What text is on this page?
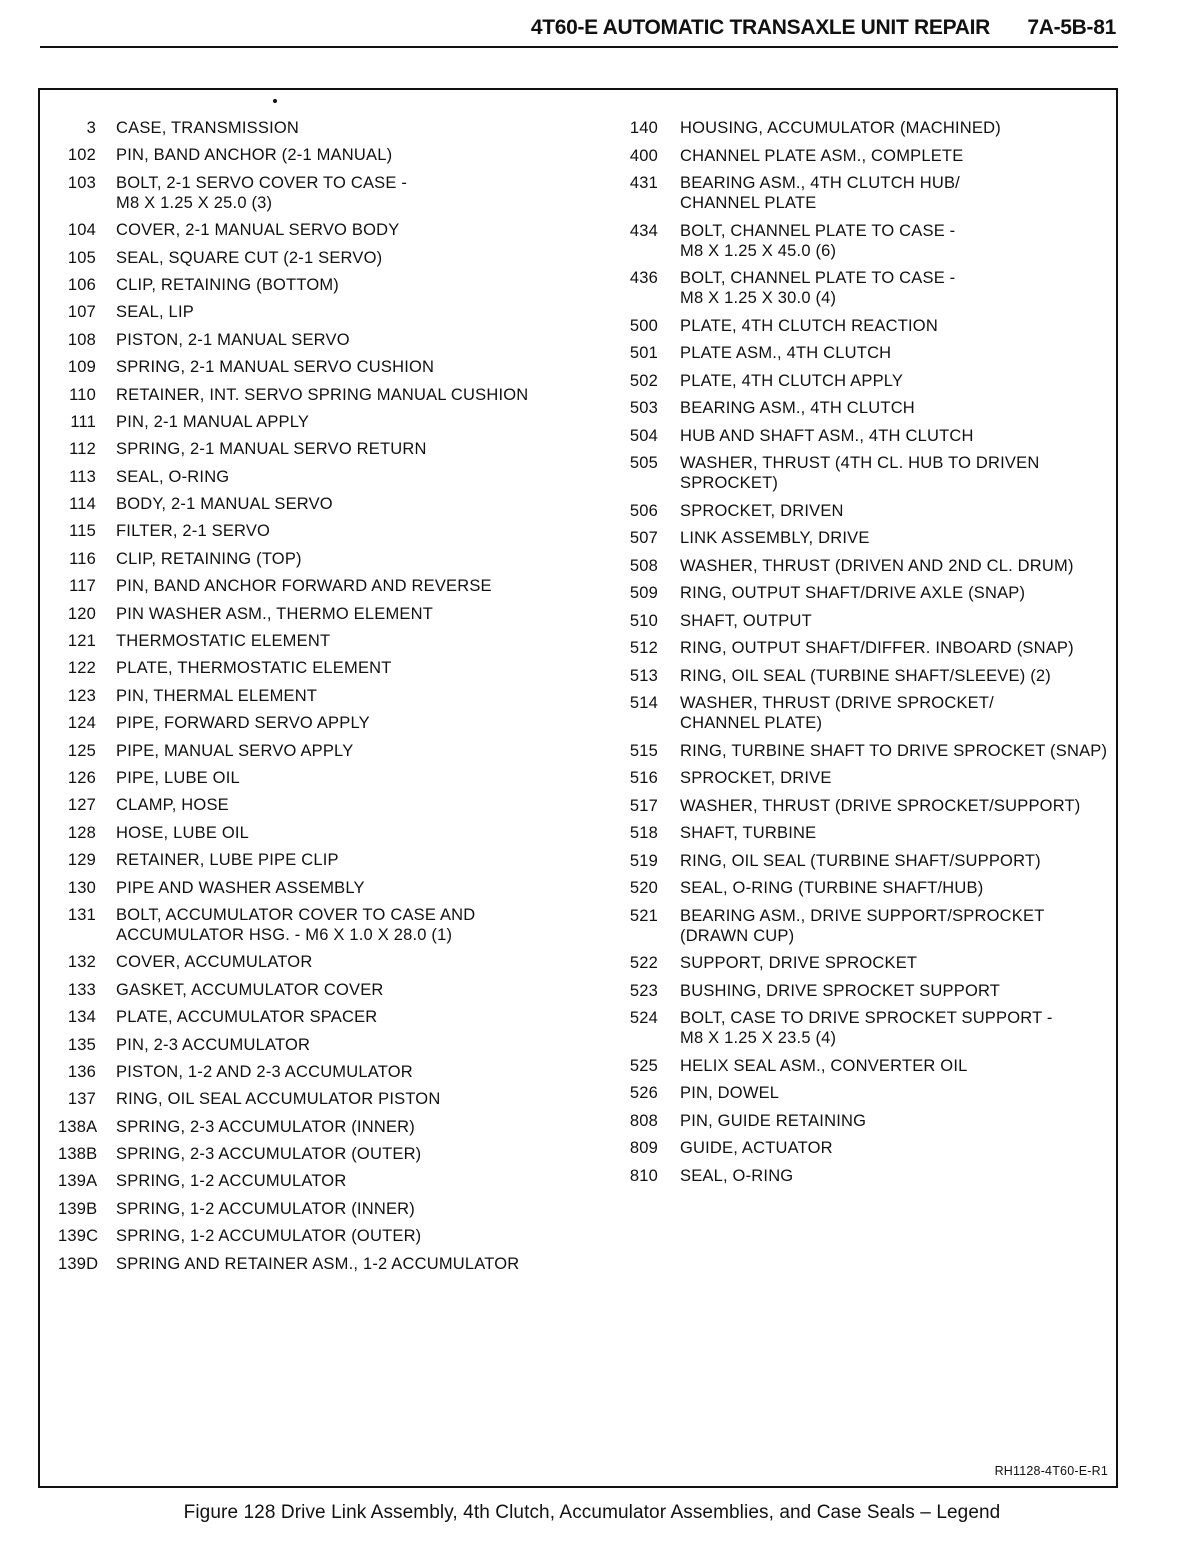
4T60-E AUTOMATIC TRANSAXLE UNIT REPAIR 7A-5B-81
3 CASE, TRANSMISSION
102 PIN, BAND ANCHOR (2-1 MANUAL)
103 BOLT, 2-1 SERVO COVER TO CASE -
M8 X 1.25 X 25.0 (3)
104 COVER, 2-1 MANUAL SERVO BODY
105 SEAL, SQUARE CUT (2-1 SERVO)
106 CLIP, RETAINING (BOTTOM)
107 SEAL, LIP
108 PISTON, 2-1 MANUAL SERVO
109 SPRING, 2-1 MANUAL SERVO CUSHION
110 RETAINER, INT. SERVO SPRING MANUAL CUSHION
111 PIN, 2-1 MANUAL APPLY
112 SPRING, 2-1 MANUAL SERVO RETURN
113 SEAL, O-RING
114 BODY, 2-1 MANUAL SERVO
115 FILTER, 2-1 SERVO
116 CLIP, RETAINING (TOP)
117 PIN, BAND ANCHOR FORWARD AND REVERSE
120 PIN WASHER ASM., THERMO ELEMENT
121 THERMOSTATIC ELEMENT
122 PLATE, THERMOSTATIC ELEMENT
123 PIN, THERMAL ELEMENT
124 PIPE, FORWARD SERVO APPLY
125 PIPE, MANUAL SERVO APPLY
126 PIPE, LUBE OIL
127 CLAMP, HOSE
128 HOSE, LUBE OIL
129 RETAINER, LUBE PIPE CLIP
130 PIPE AND WASHER ASSEMBLY
131 BOLT, ACCUMULATOR COVER TO CASE AND
ACCUMULATOR HSG. - M6 X 1.0 X 28.0 (1)
132 COVER, ACCUMULATOR
133 GASKET, ACCUMULATOR COVER
134 PLATE, ACCUMULATOR SPACER
135 PIN, 2-3 ACCUMULATOR
136 PISTON, 1-2 AND 2-3 ACCUMULATOR
137 RING, OIL SEAL ACCUMULATOR PISTON
138A SPRING, 2-3 ACCUMULATOR (INNER)
138B SPRING, 2-3 ACCUMULATOR (OUTER)
139A SPRING, 1-2 ACCUMULATOR
139B SPRING, 1-2 ACCUMULATOR (INNER)
139C SPRING, 1-2 ACCUMULATOR (OUTER)
139D SPRING AND RETAINER ASM., 1-2 ACCUMULATOR
140	HOUSING, ACCUMULATOR (MACHINED)
400	CHANNEL PLATE ASM., COMPLETE
431	BEARING ASM., 4TH CLUTCH HUB/
CHANNEL PLATE
434	BOLT, CHANNEL PLATE TO CASE -
M8 X 1.25 X 45.0 (6)
436	BOLT, CHANNEL PLATE TO CASE -
M8 X 1.25 X 30.0 (4)
500	PLATE, 4TH CLUTCH REACTION
501	PLATE ASM., 4TH CLUTCH
502	PLATE, 4TH CLUTCH APPLY
503	BEARING ASM., 4TH CLUTCH
504	HUB AND SHAFT ASM., 4TH CLUTCH
505	WASHER, THRUST (4TH CL. HUB TO DRIVEN
SPROCKET)
506	SPROCKET, DRIVEN
507	LINK ASSEMBLY, DRIVE
508	WASHER, THRUST (DRIVEN AND 2ND CL. DRUM)
509	RING, OUTPUT SHAFT/DRIVE AXLE (SNAP)
510	SHAFT, OUTPUT
512	RING, OUTPUT SHAFT/DIFFER. INBOARD (SNAP)
513	RING, OIL SEAL (TURBINE SHAFT/SLEEVE) (2)
514	WASHER, THRUST (DRIVE SPROCKET/
CHANNEL PLATE)
515	RING, TURBINE SHAFT TO DRIVE SPROCKET (SNAP)
516	SPROCKET, DRIVE
517	WASHER, THRUST (DRIVE SPROCKET/SUPPORT)
518	SHAFT, TURBINE
519	RING, OIL SEAL (TURBINE SHAFT/SUPPORT)
520	SEAL, O-RING (TURBINE SHAFT/HUB)
521	BEARING ASM., DRIVE SUPPORT/SPROCKET
(DRAWN CUP)
522	SUPPORT, DRIVE SPROCKET
523	BUSHING, DRIVE SPROCKET SUPPORT
524	BOLT, CASE TO DRIVE SPROCKET SUPPORT -
M8 X 1.25 X 23.5 (4)
525	HELIX SEAL ASM., CONVERTER OIL
526	PIN, DOWEL
808	PIN, GUIDE RETAINING
809	GUIDE, ACTUATOR
810	SEAL, O-RING
RH1128-4T60-E-R1
Figure 128 Drive Link Assembly, 4th Clutch, Accumulator Assemblies, and Case Seals – Legend
